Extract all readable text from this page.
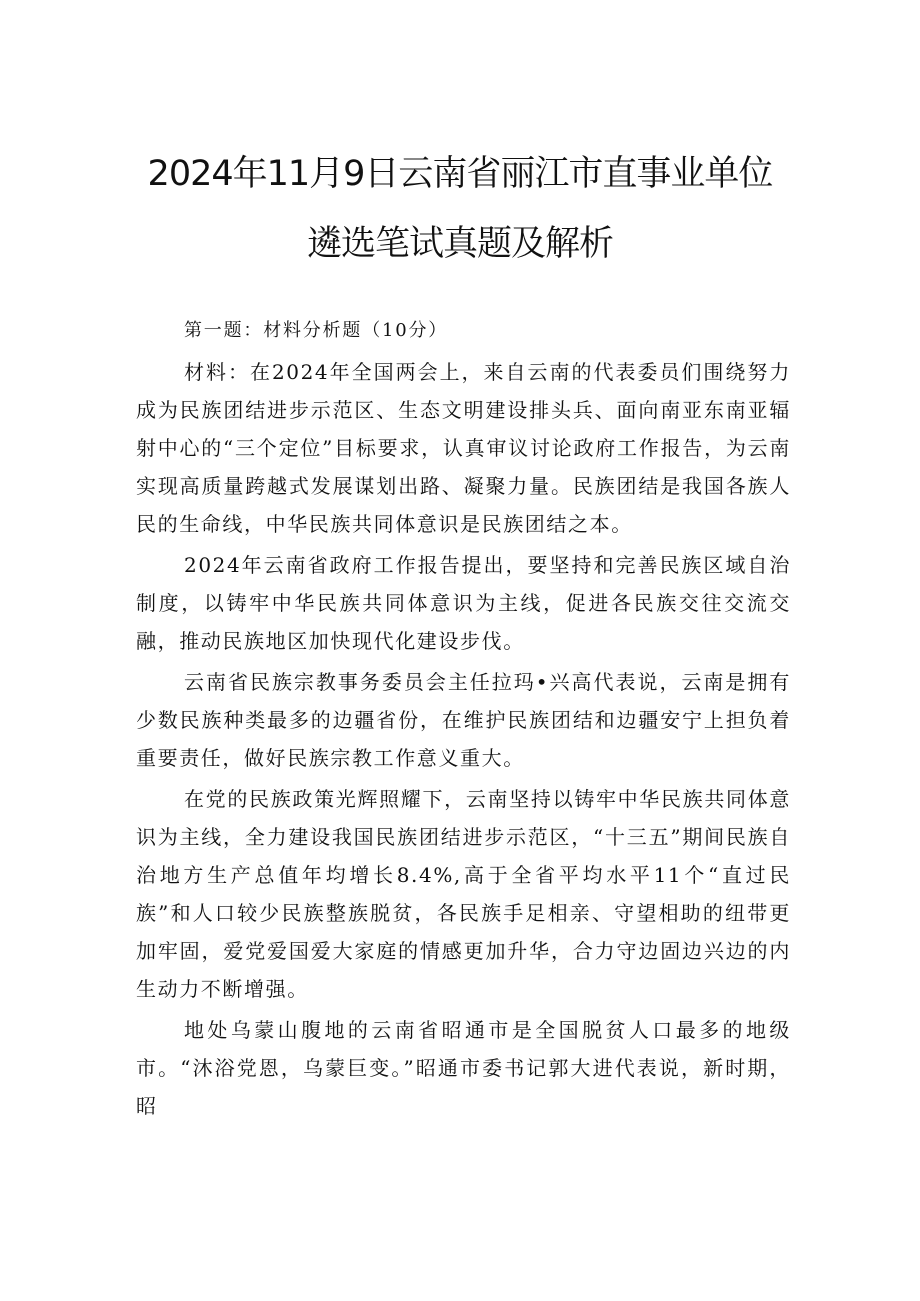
2024年11月9日云南省丽江市直事业单位
遴选笔试真题及解析

第一题：材料分析题（10分）

材料：在2024年全国两会上，来自云南的代表委员们围绕努力成为民族团结进步示范区、生态文明建设排头兵、面向南亚东南亚辐射中心的“三个定位”目标要求，认真审议讨论政府工作报告，为云南实现高质量跨越式发展谋划出路、凝聚力量。民族团结是我国各族人民的生命线，中华民族共同体意识是民族团结之本。

2024年云南省政府工作报告提出，要坚持和完善民族区域自治制度，以铸牢中华民族共同体意识为主线，促进各民族交往交流交融，推动民族地区加快现代化建设步伐。

云南省民族宗教事务委员会主任拉玛•兴高代表说，云南是拥有少数民族种类最多的边疆省份，在维护民族团结和边疆安宁上担负着重要责任，做好民族宗教工作意义重大。

在党的民族政策光辉照耀下，云南坚持以铸牢中华民族共同体意识为主线，全力建设我国民族团结进步示范区，“十三五”期间民族自治地方生产总值年均增长8.4%,高于全省平均水平11个“直过民族”和人口较少民族整族脱贫，各民族手足相亲、守望相助的纽带更加牢固，爱党爱国爱大家庭的情感更加升华，合力守边固边兴边的内生动力不断增强。

地处乌蒙山腹地的云南省昭通市是全国脱贫人口最多的地级市。“沐浴党恩，乌蒙巨变。”昭通市委书记郭大进代表说，新时期，昭
